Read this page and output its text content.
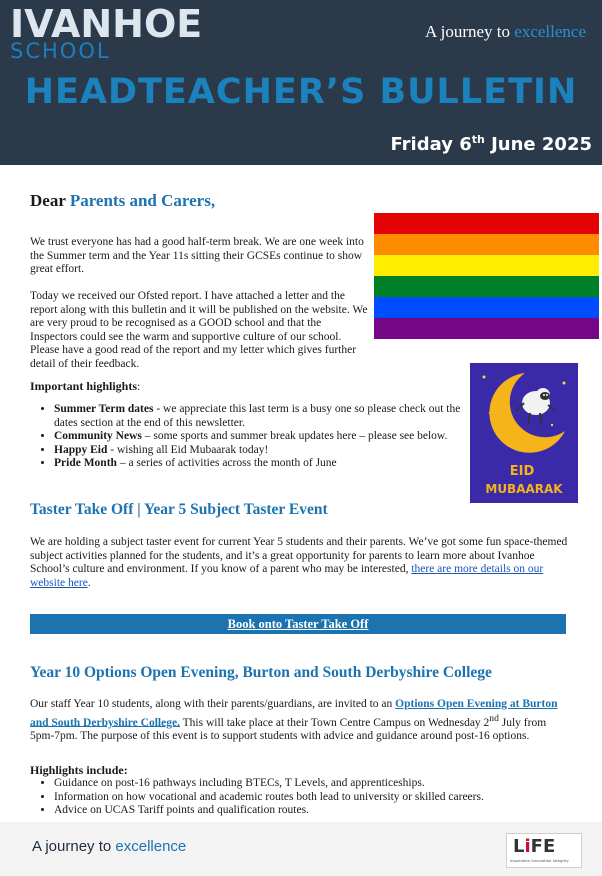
IVANHOE
SCHOOL
A journey to excellence
HEADTEACHER’S BULLETIN
Friday 6th June 2025
Dear Parents and Carers,
We trust everyone has had a good half-term break. We are one week into the Summer term and the Year 11s sitting their GCSEs continue to show great effort.
Today we received our Ofsted report. I have attached a letter and the report along with this bulletin and it will be published on the website. We are very proud to be recognised as a GOOD school and that the Inspectors could see the warm and supportive culture of our school. Please have a good read of the report and my letter which gives further detail of their feedback.
EID
MUBAARAK
Important highlights:
• Summer Term dates - we appreciate this last term is a busy one so please check out the dates section at the end of this newsletter.
• Community News – some sports and summer break updates here – please see below.
• Happy Eid - wishing all Eid Mubaarak today!
• Pride Month – a series of activities across the month of June
Taster Take Off | Year 5 Subject Taster Event
We are holding a subject taster event for current Year 5 students and their parents. We’ve got some fun space-themed subject activities planned for the students, and it’s a great opportunity for parents to learn more about Ivanhoe School’s culture and environment. If you know of a parent who may be interested, there are more details on our website here.
Book onto Taster Take Off
Year 10 Options Open Evening, Burton and South Derbyshire College
Our staff Year 10 students, along with their parents/guardians, are invited to an Options Open Evening at Burton and South Derbyshire College. This will take place at their Town Centre Campus on Wednesday 2nd July from 5pm-7pm. The purpose of this event is to support students with advice and guidance around post-16 options.
Highlights include:
• Guidance on post-16 pathways including BTECs, T Levels, and apprenticeships.
• Information on how vocational and academic routes both lead to university or skilled careers.
• Advice on UCAS Tariff points and qualification routes.
A journey to excellence	LiFE
Inspiration Innovation Integrity
